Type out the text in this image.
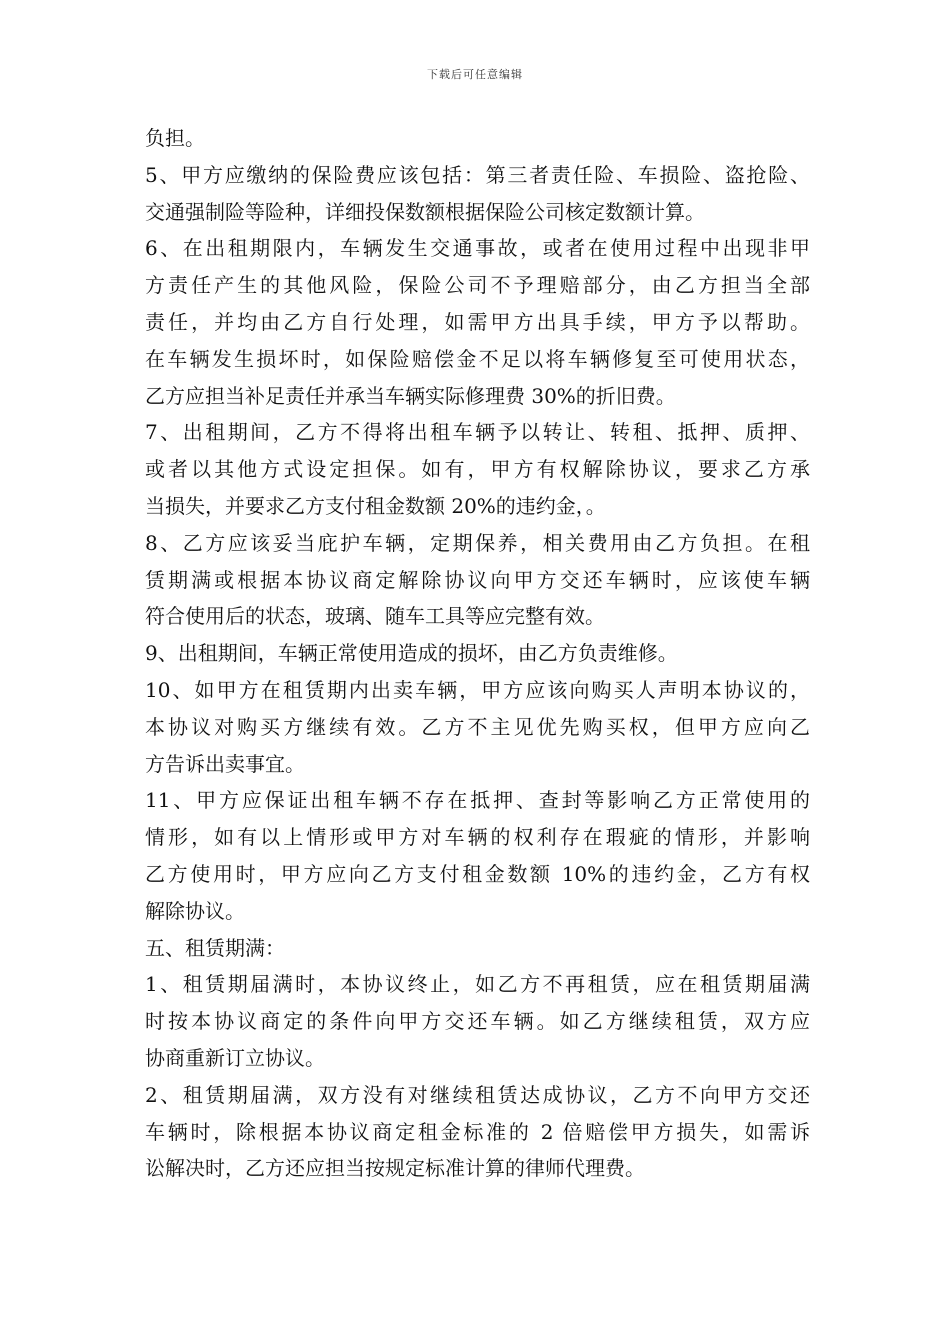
下载后可任意编辑
负担。
5、甲方应缴纳的保险费应该包括：第三者责任险、车损险、盗抢险、
交通强制险等险种，详细投保数额根据保险公司核定数额计算。
6、在出租期限内，车辆发生交通事故，或者在使用过程中出现非甲
方责任产生的其他风险，保险公司不予理赔部分，由乙方担当全部
责任，并均由乙方自行处理，如需甲方出具手续，甲方予以帮助。
在车辆发生损坏时，如保险赔偿金不足以将车辆修复至可使用状态，
乙方应担当补足责任并承当车辆实际修理费 30%的折旧费。
7、出租期间，乙方不得将出租车辆予以转让、转租、抵押、质押、
或者以其他方式设定担保。如有，甲方有权解除协议，要求乙方承
当损失，并要求乙方支付租金数额 20%的违约金，。
8、乙方应该妥当庇护车辆，定期保养，相关费用由乙方负担。在租
赁期满或根据本协议商定解除协议向甲方交还车辆时，应该使车辆
符合使用后的状态，玻璃、随车工具等应完整有效。
9、出租期间，车辆正常使用造成的损坏，由乙方负责维修。
10、如甲方在租赁期内出卖车辆，甲方应该向购买人声明本协议的，
本协议对购买方继续有效。乙方不主见优先购买权，但甲方应向乙
方告诉出卖事宜。
11、甲方应保证出租车辆不存在抵押、查封等影响乙方正常使用的
情形，如有以上情形或甲方对车辆的权利存在瑕疵的情形，并影响
乙方使用时，甲方应向乙方支付租金数额 10%的违约金，乙方有权
解除协议。
五、租赁期满：
1、租赁期届满时，本协议终止，如乙方不再租赁，应在租赁期届满
时按本协议商定的条件向甲方交还车辆。如乙方继续租赁，双方应
协商重新订立协议。
2、租赁期届满，双方没有对继续租赁达成协议，乙方不向甲方交还
车辆时，除根据本协议商定租金标准的 2 倍赔偿甲方损失，如需诉
讼解决时，乙方还应担当按规定标准计算的律师代理费。
